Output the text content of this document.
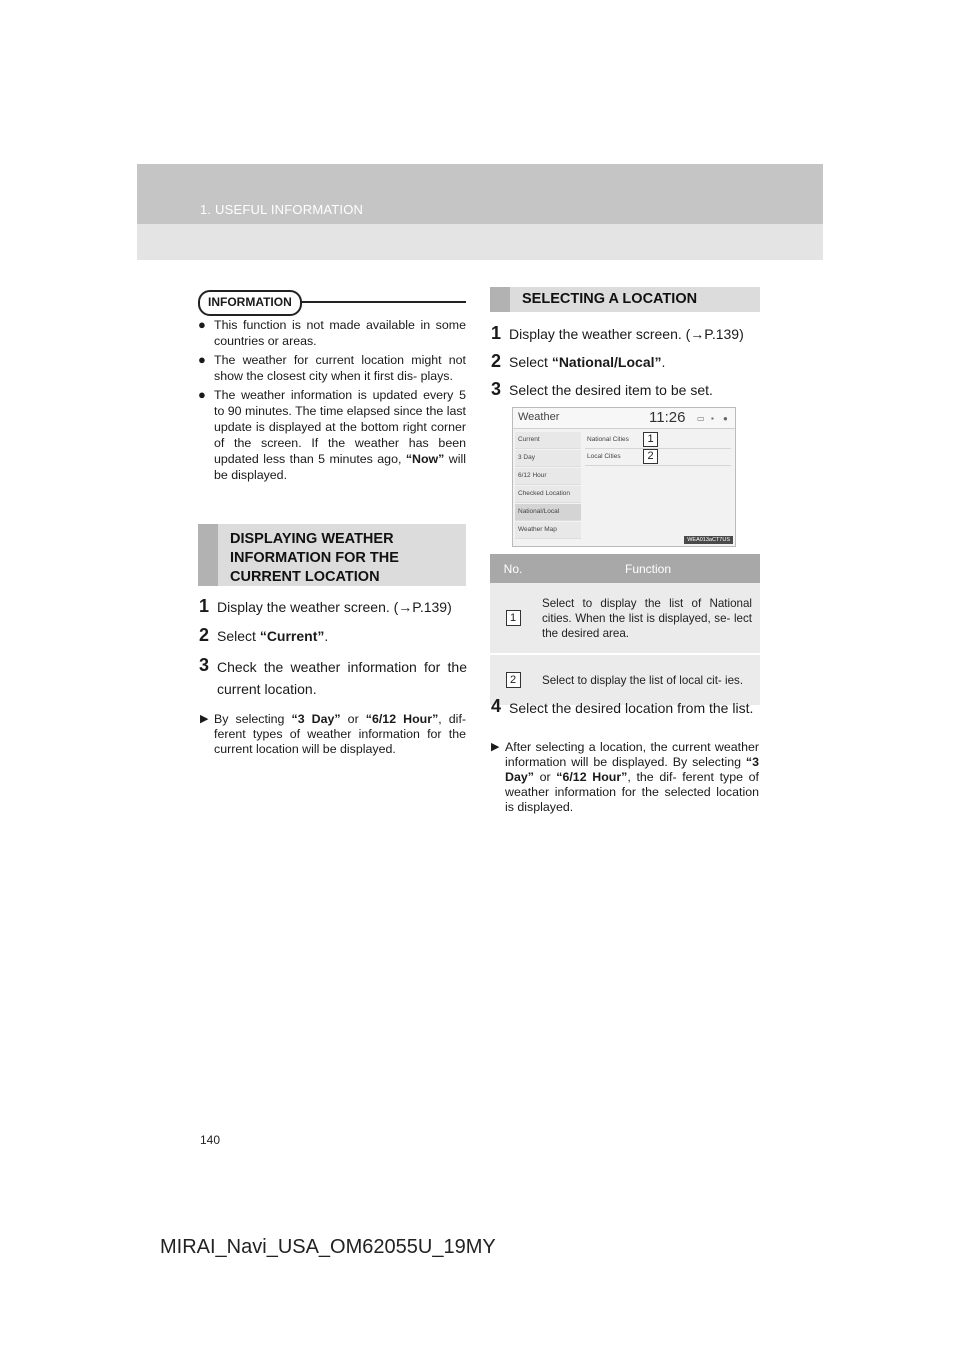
1. USEFUL INFORMATION
INFORMATION
● This function is not made available in some countries or areas.
● The weather for current location might not show the closest city when it first dis- plays.
● The weather information is updated every 5 to 90 minutes. The time elapsed since the last update is displayed at the bottom right corner of the screen. If the weather has been updated less than 5 minutes ago, “Now” will be displayed.
DISPLAYING WEATHER INFORMATION FOR THE CURRENT LOCATION
1 Display the weather screen. (→P.139)
2 Select “Current”.
3 Check the weather information for the current location.
▶ By selecting “3 Day” or “6/12 Hour”, dif- ferent types of weather information for the current location will be displayed.
SELECTING A LOCATION
1 Display the weather screen. (→P.139)
2 Select “National/Local”.
3 Select the desired item to be set.
Weather	11:26 ▭ ▪ ●
Current
3 Day
6/12 Hour
Checked Location
National/Local
Weather Map
National Cities
Local Cities
1
2
WEA013aCT7US
No.	Function
1	Select to display the list of National cities. When the list is displayed, se- lect the desired area.
2	Select to display the list of local cit- ies.
4 Select the desired location from the list.
▶ After selecting a location, the current weather information will be displayed. By selecting “3 Day” or “6/12 Hour”, the dif- ferent type of weather information for the selected location is displayed.
140
MIRAI_Navi_USA_OM62055U_19MY
